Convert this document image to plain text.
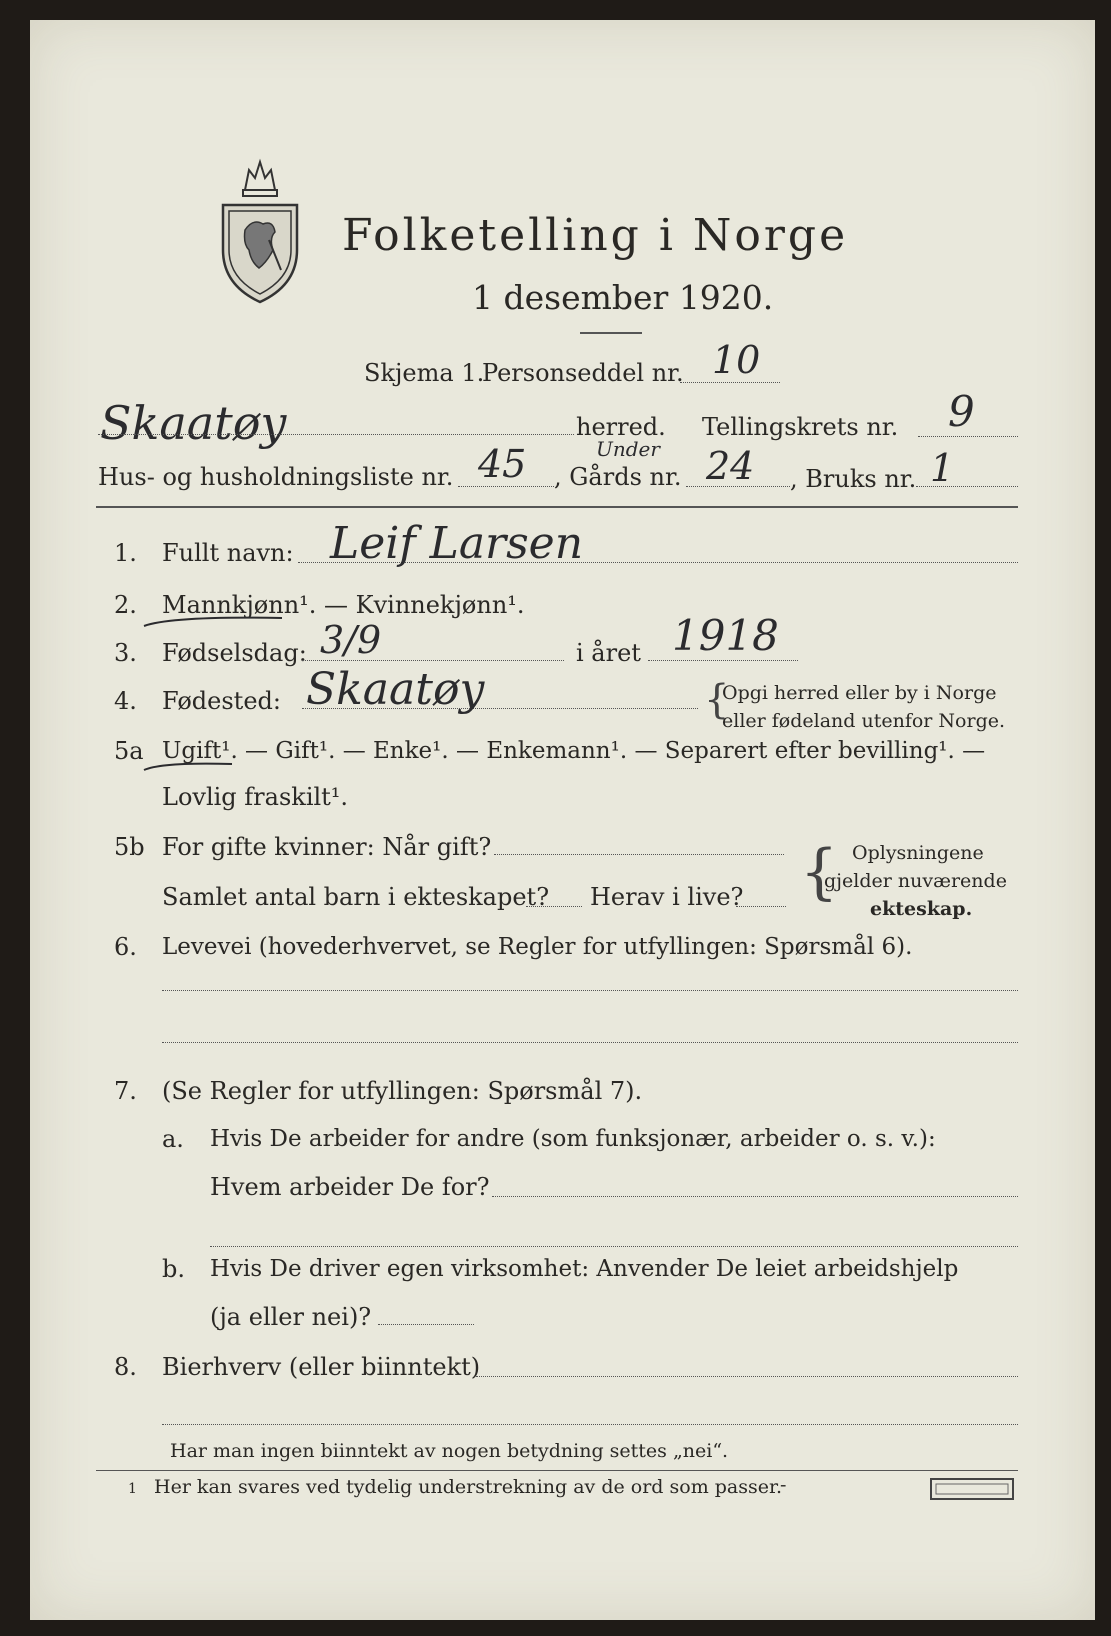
Folketelling i Norge
1 desember 1920.
Skjema 1.
Personseddel nr. 10
Skaatøy	herred. Tellingskrets nr. 9
Hus- og husholdningsliste nr. 45 , Gårds nr.
Under 24 , Bruks nr. 1
1. Fullt navn: Leif Larsen
2. Mannkjønn¹. — Kvinnekjønn¹.
3. Fødselsdag: 3/9	i året 1918
4. Fødested: Skaatøy	{
Opgi herred eller by i Norge
eller fødeland utenfor Norge.
5a Ugift¹. — Gift¹. — Enke¹. — Enkemann¹. — Separert efter bevilling¹. —
Lovlig fraskilt¹.
5b For gifte kvinner: Når gift?
Samlet antal barn i ekteskapet? Herav i live? { Oplysningene
gjelder nuværende
ekteskap.
6. Levevei (hovederhvervet, se Regler for utfyllingen: Spørsmål 6).
7. (Se Regler for utfyllingen: Spørsmål 7).
a. Hvis De arbeider for andre (som funksjonær, arbeider o. s. v.):
Hvem arbeider De for?
b. Hvis De driver egen virksomhet: Anvender De leiet arbeidshjelp
(ja eller nei)?
8. Bierhverv (eller biinntekt)
Har man ingen biinntekt av nogen betydning settes „nei“.
1 Her kan svares ved tydelig understrekning av de ord som passer.
-
